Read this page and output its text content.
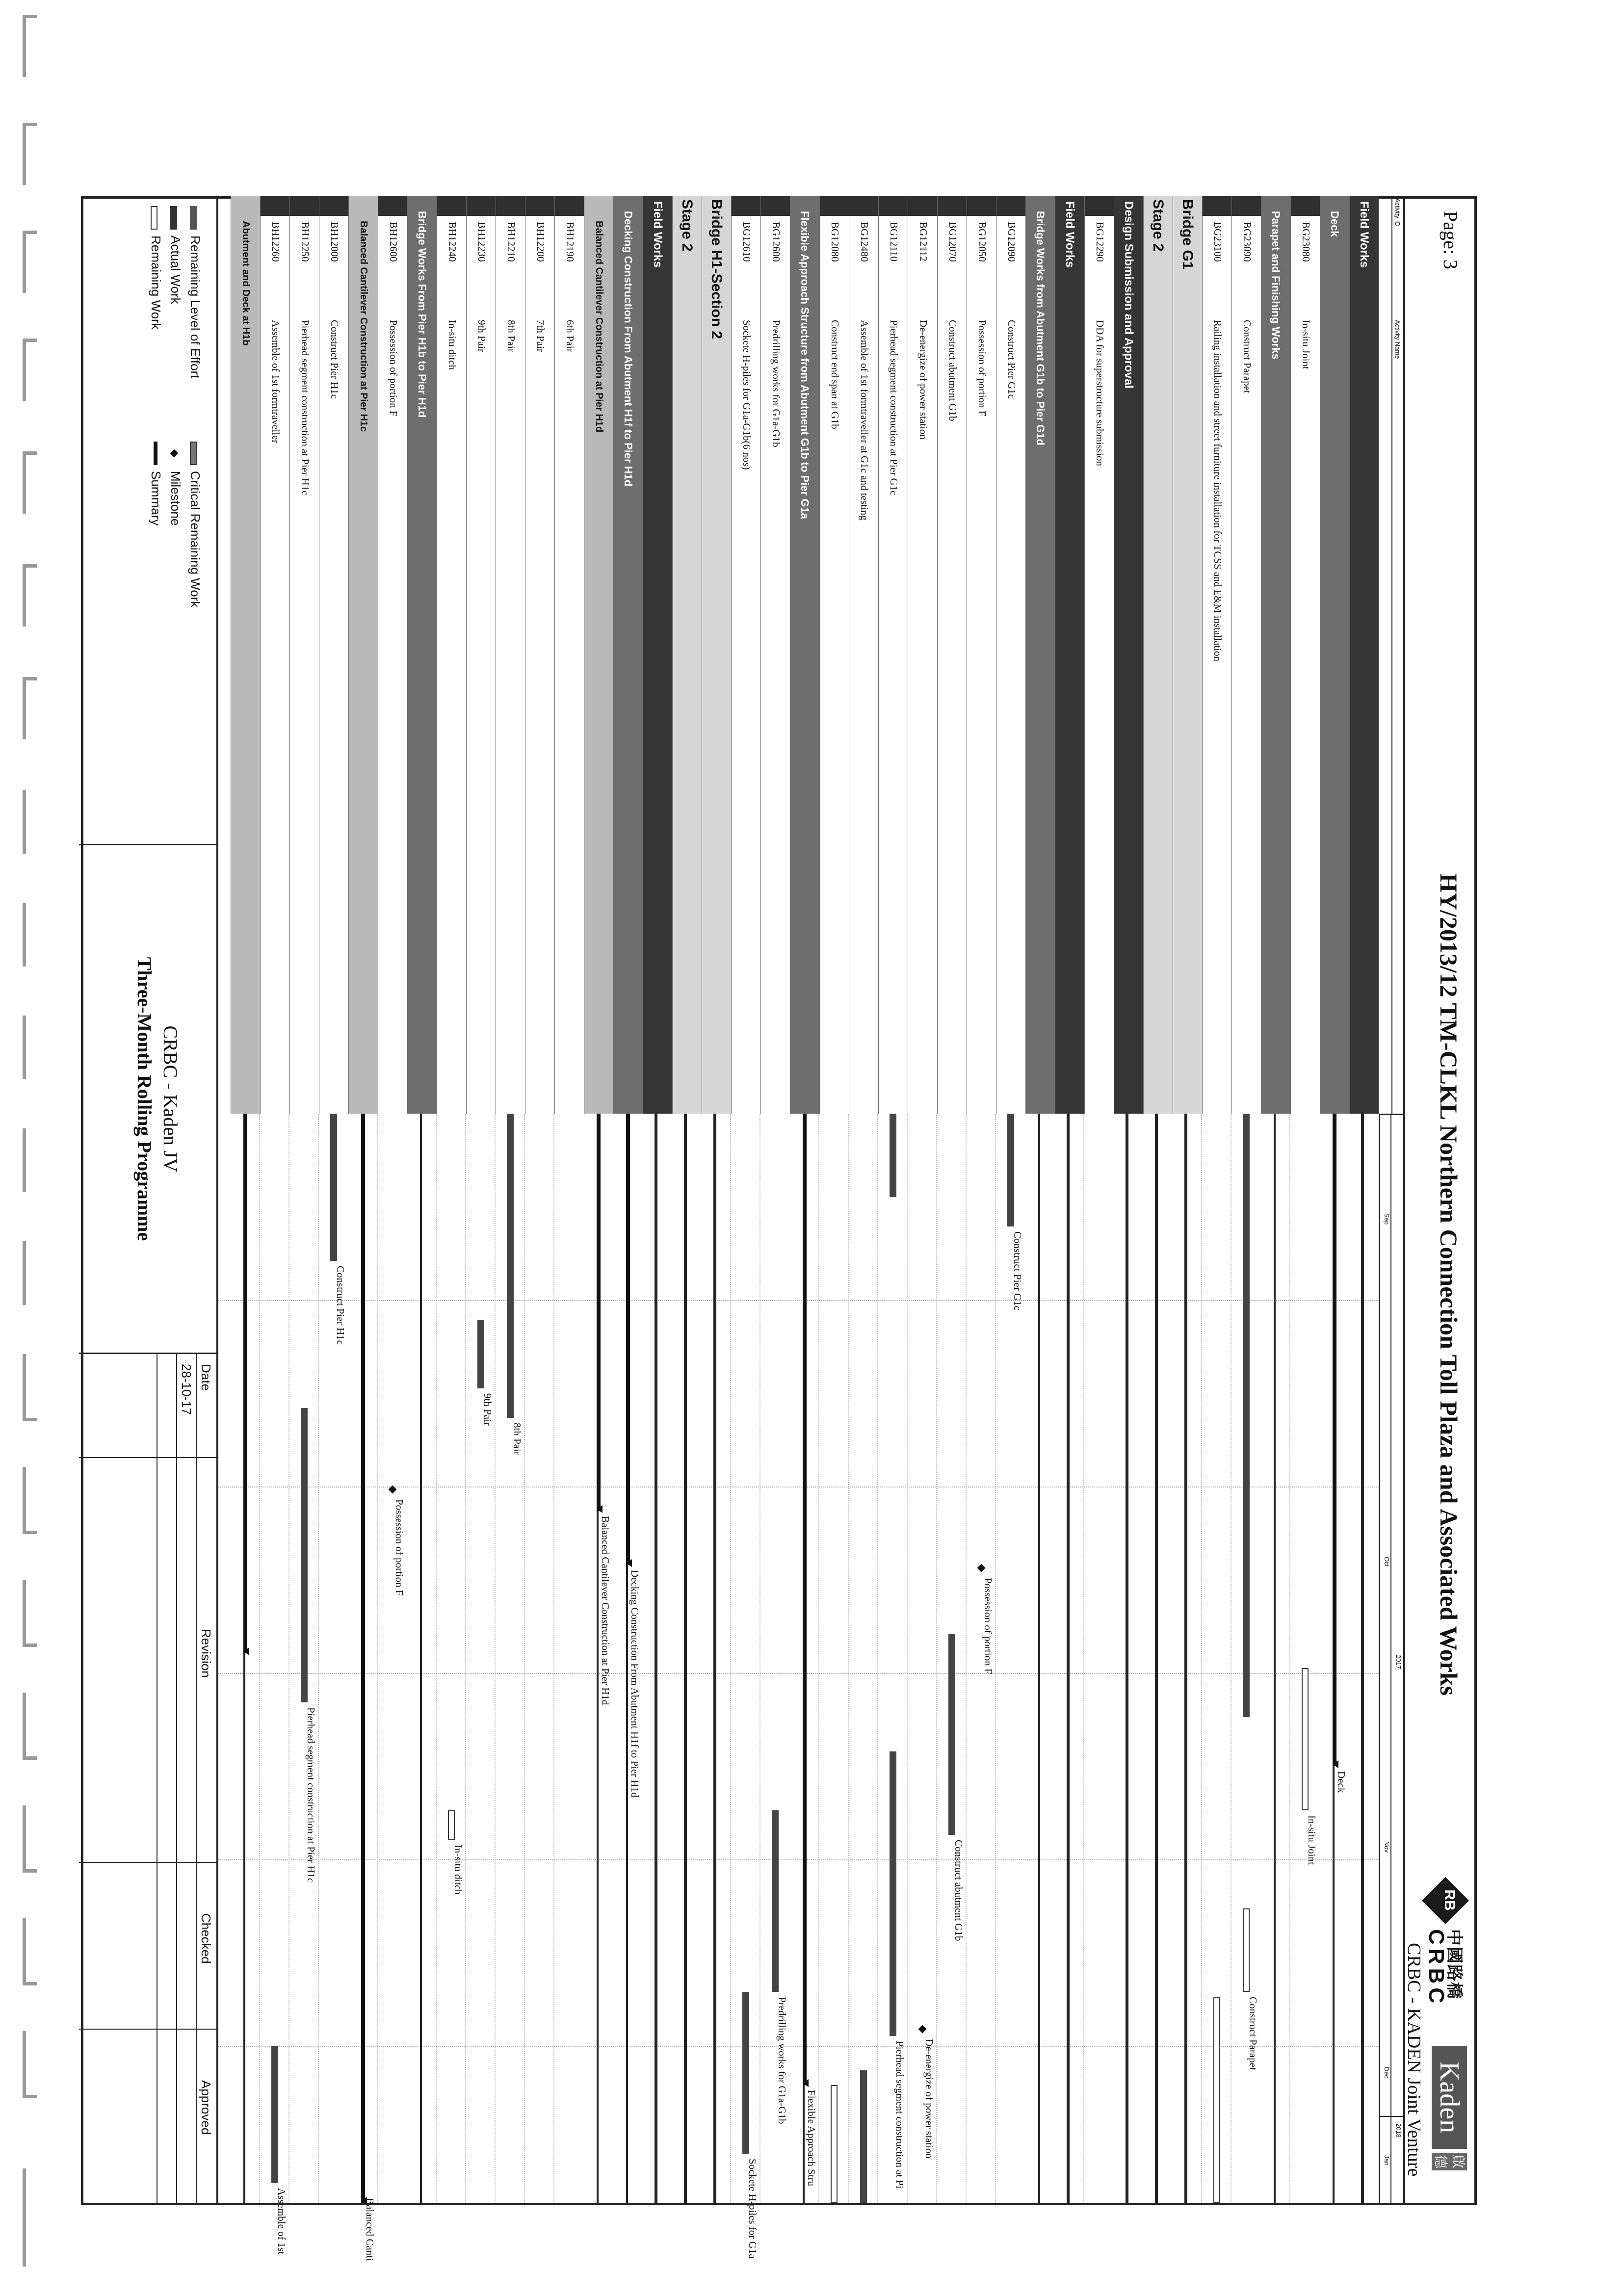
Page: 3
HY/2013/12 TM-CLKL Northern Connection Toll Plaza and Associated Works
RB
中國路橋
CRBC
Kaden
啟德
CRBC - KADEN Joint Venture
Activity ID
Activity Name
2017
2018
Sep
Oct
Nov
Dec
Jan
Field Works
Deck
BG23080
In-situ Joint
Parapet and Finishing Works
BG23090
Construct Parapet
BG23100
Railing installation and street furniture installation for TCSS and E&M installation
Bridge G1
Stage 2
Design Submission and Approval
BG12290
DDA for superstructure submission
Field Works
Bridge Works from Abutment G1b to Pier G1d
BG12090
Construct Pier G1c
BG12050
Possession of portion F
BG12070
Construct abutment G1b
BG12112
De-energize of power station
BG12110
Pierhead segment construction at Pier G1c
BG12480
Assemble of 1st formtraveller at G1c and testing
BG12080
Construct end span at G1b
Flexible Approach Structure from Abutment G1b to Pier G1a
BG12600
Predrilling works for G1a-G1b
BG12610
Sockete H-piles for G1a-G1b(6 nos)
Bridge H1-Section 2
Stage 2
Field Works
Decking Construction From Abutment H1f to Pier H1d
Balanced Cantilever Construction at Pier H1d
BH12190
6th Pair
BH12200
7th Pair
BH12210
8th Pair
BH12230
9th Pair
BH12240
In-situ ditch
Bridge Works From Pier H1b to Pier H1d
BH12600
Possession of portion F
Balanced Cantilever Construction at Pier H1c
BH12000
Construct Pier H1c
BH12250
Pierhead segment construction at Pier H1c
BH12260
Assemble of 1st formtraveller
Abutment and Deck at H1b
Deck
In-situ Joint
Construct Parapet
Construct Pier G1c
Possession of portion F
Construct abutment G1b
De-energize of power station
Pierhead segment construction at Pi
Flexible Approach Stru
Predrilling works for G1a-G1b
Sockete H-piles for G1a
Decking Construction From Abutment H1f to Pier H1d
Balanced Cantilever Construction at Pier H1d
8th Pair
9th Pair
In-situ ditch
Possession of portion F
Balanced Canti
Construct Pier H1c
Pierhead segment construction at Pier H1c
Assemble of 1st
Remaining Level of Effort
Actual Work
Remaining Work
Critical Remaining Work
Milestone
Summary
CRBC - Kaden JV
Three-Month Rolling Programme
Date
Revision
Checked
Approved
28-10-17
